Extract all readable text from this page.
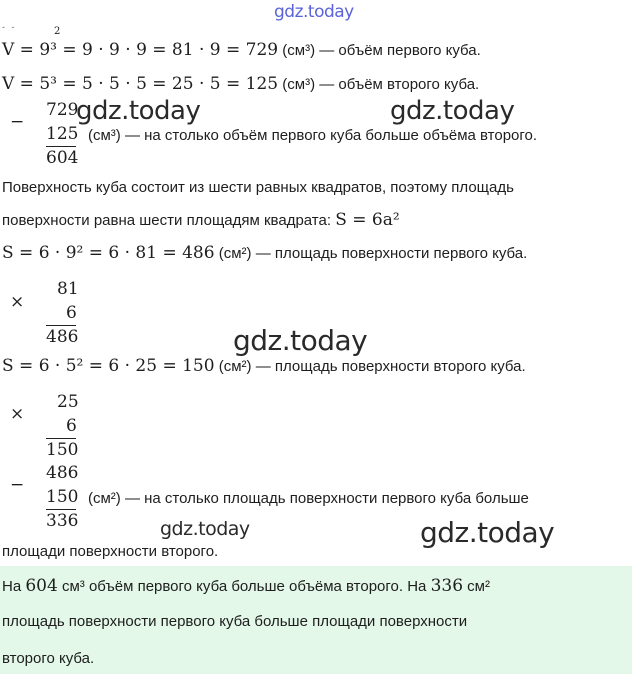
gdz.today
- -	2
V = 9³ = 9 · 9 · 9 = 81 · 9 = 729 (см³) — объём первого куба.
V = 5³ = 5 · 5 · 5 = 25 · 5 = 125 (см³) — объём второго куба.
−
729
gdz.today	gdz.today
125 (см³) — на столько объём первого куба больше объёма второго.
604
Поверхность куба состоит из шести равных квадратов, поэтому площадь
поверхности равна шести площадям квадрата: S = 6a²
S = 6 · 9² = 6 · 81 = 486 (см²) — площадь поверхности первого куба.
×
81
6
486	gdz.today
S = 6 · 5² = 6 · 25 = 150 (см²) — площадь поверхности второго куба.
×
25
6
150
−
486
150 (см²) — на столько площадь поверхности первого куба больше
336	gdz.today	gdz.today
площади поверхности второго.
На 604 см³ объём первого куба больше объёма второго. На 336 см²
площадь поверхности первого куба больше площади поверхности
второго куба.
